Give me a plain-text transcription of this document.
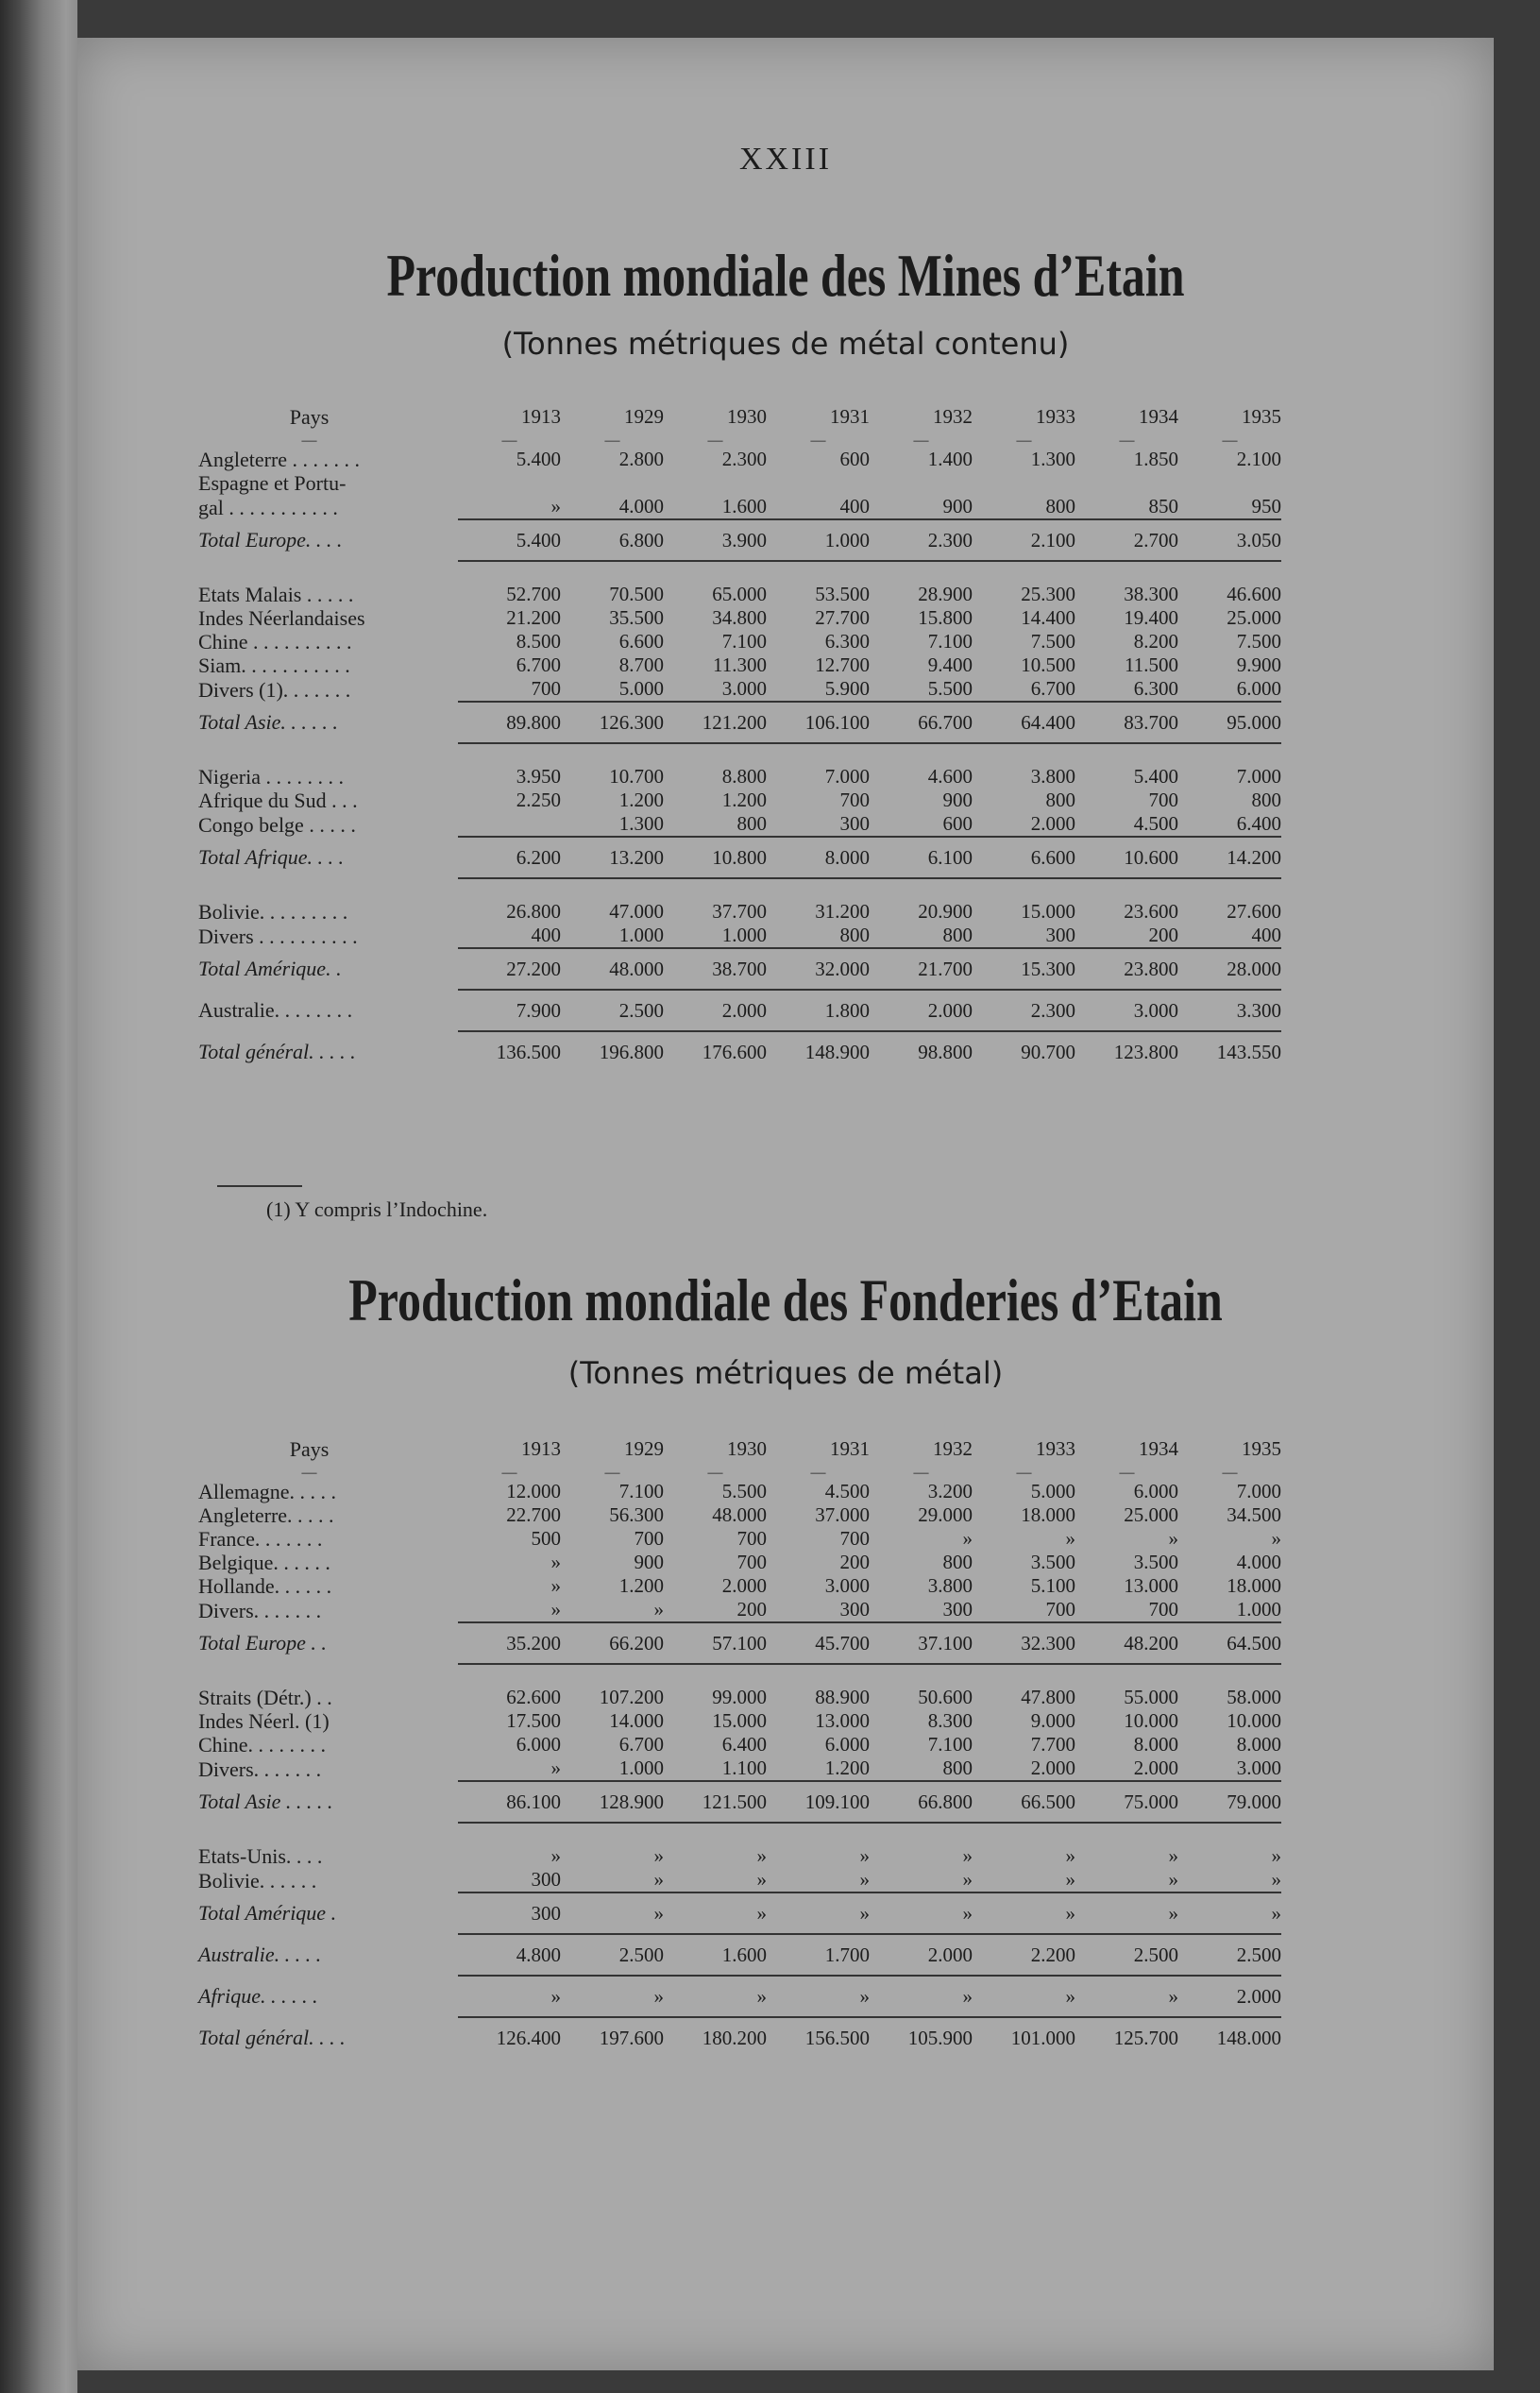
XXIII
Production mondiale des Mines d’Etain
(Tonnes métriques de métal contenu)
Pays	1913	1929	1930	1931	1932	1933	1934	1935
—	—	—	—	—	—	—	—	—
Angleterre . . . . . . .	5.400	2.800	2.300	600	1.400	1.300	1.850	2.100
Espagne et Portu-								
gal . . . . . . . . . . .	»	4.000	1.600	400	900	800	850	950
Total Europe. . . .	5.400	6.800	3.900	1.000	2.300	2.100	2.700	3.050

Etats Malais . . . . .	52.700	70.500	65.000	53.500	28.900	25.300	38.300	46.600
Indes Néerlandaises	21.200	35.500	34.800	27.700	15.800	14.400	19.400	25.000
Chine . . . . . . . . . .	8.500	6.600	7.100	6.300	7.100	7.500	8.200	7.500
Siam. . . . . . . . . . .	6.700	8.700	11.300	12.700	9.400	10.500	11.500	9.900
Divers (1). . . . . . .	700	5.000	3.000	5.900	5.500	6.700	6.300	6.000
Total Asie. . . . . .	89.800	126.300	121.200	106.100	66.700	64.400	83.700	95.000

Nigeria . . . . . . . .	3.950	10.700	8.800	7.000	4.600	3.800	5.400	7.000
Afrique du Sud . . .	2.250	1.200	1.200	700	900	800	700	800
Congo belge . . . . .		1.300	800	300	600	2.000	4.500	6.400
Total Afrique. . . .	6.200	13.200	10.800	8.000	6.100	6.600	10.600	14.200

Bolivie. . . . . . . . .	26.800	47.000	37.700	31.200	20.900	15.000	23.600	27.600
Divers . . . . . . . . . .	400	1.000	1.000	800	800	300	200	400
Total Amérique. .	27.200	48.000	38.700	32.000	21.700	15.300	23.800	28.000
Australie. . . . . . . .	7.900	2.500	2.000	1.800	2.000	2.300	3.000	3.300
Total général. . . . .	136.500	196.800	176.600	148.900	98.800	90.700	123.800	143.550
(1) Y compris l’Indochine.
Production mondiale des Fonderies d’Etain
(Tonnes métriques de métal)
Pays	1913	1929	1930	1931	1932	1933	1934	1935
—	—	—	—	—	—	—	—	—
Allemagne. . . . .	12.000	7.100	5.500	4.500	3.200	5.000	6.000	7.000
Angleterre. . . . .	22.700	56.300	48.000	37.000	29.000	18.000	25.000	34.500
France. . . . . . .	500	700	700	700	»	»	»	»
Belgique. . . . . .	»	900	700	200	800	3.500	3.500	4.000
Hollande. . . . . .	»	1.200	2.000	3.000	3.800	5.100	13.000	18.000
Divers. . . . . . .	»	»	200	300	300	700	700	1.000
Total Europe . .	35.200	66.200	57.100	45.700	37.100	32.300	48.200	64.500

Straits (Détr.) . .	62.600	107.200	99.000	88.900	50.600	47.800	55.000	58.000
Indes Néerl. (1)	17.500	14.000	15.000	13.000	8.300	9.000	10.000	10.000
Chine. . . . . . . .	6.000	6.700	6.400	6.000	7.100	7.700	8.000	8.000
Divers. . . . . . .	»	1.000	1.100	1.200	800	2.000	2.000	3.000
Total Asie . . . . .	86.100	128.900	121.500	109.100	66.800	66.500	75.000	79.000

Etats-Unis. . . .	»	»	»	»	»	»	»	»
Bolivie. . . . . .	300	»	»	»	»	»	»	»
Total Amérique .	300	»	»	»	»	»	»	»
Australie. . . . .	4.800	2.500	1.600	1.700	2.000	2.200	2.500	2.500
Afrique. . . . . .	»	»	»	»	»	»	»	2.000
Total général. . . .	126.400	197.600	180.200	156.500	105.900	101.000	125.700	148.000
